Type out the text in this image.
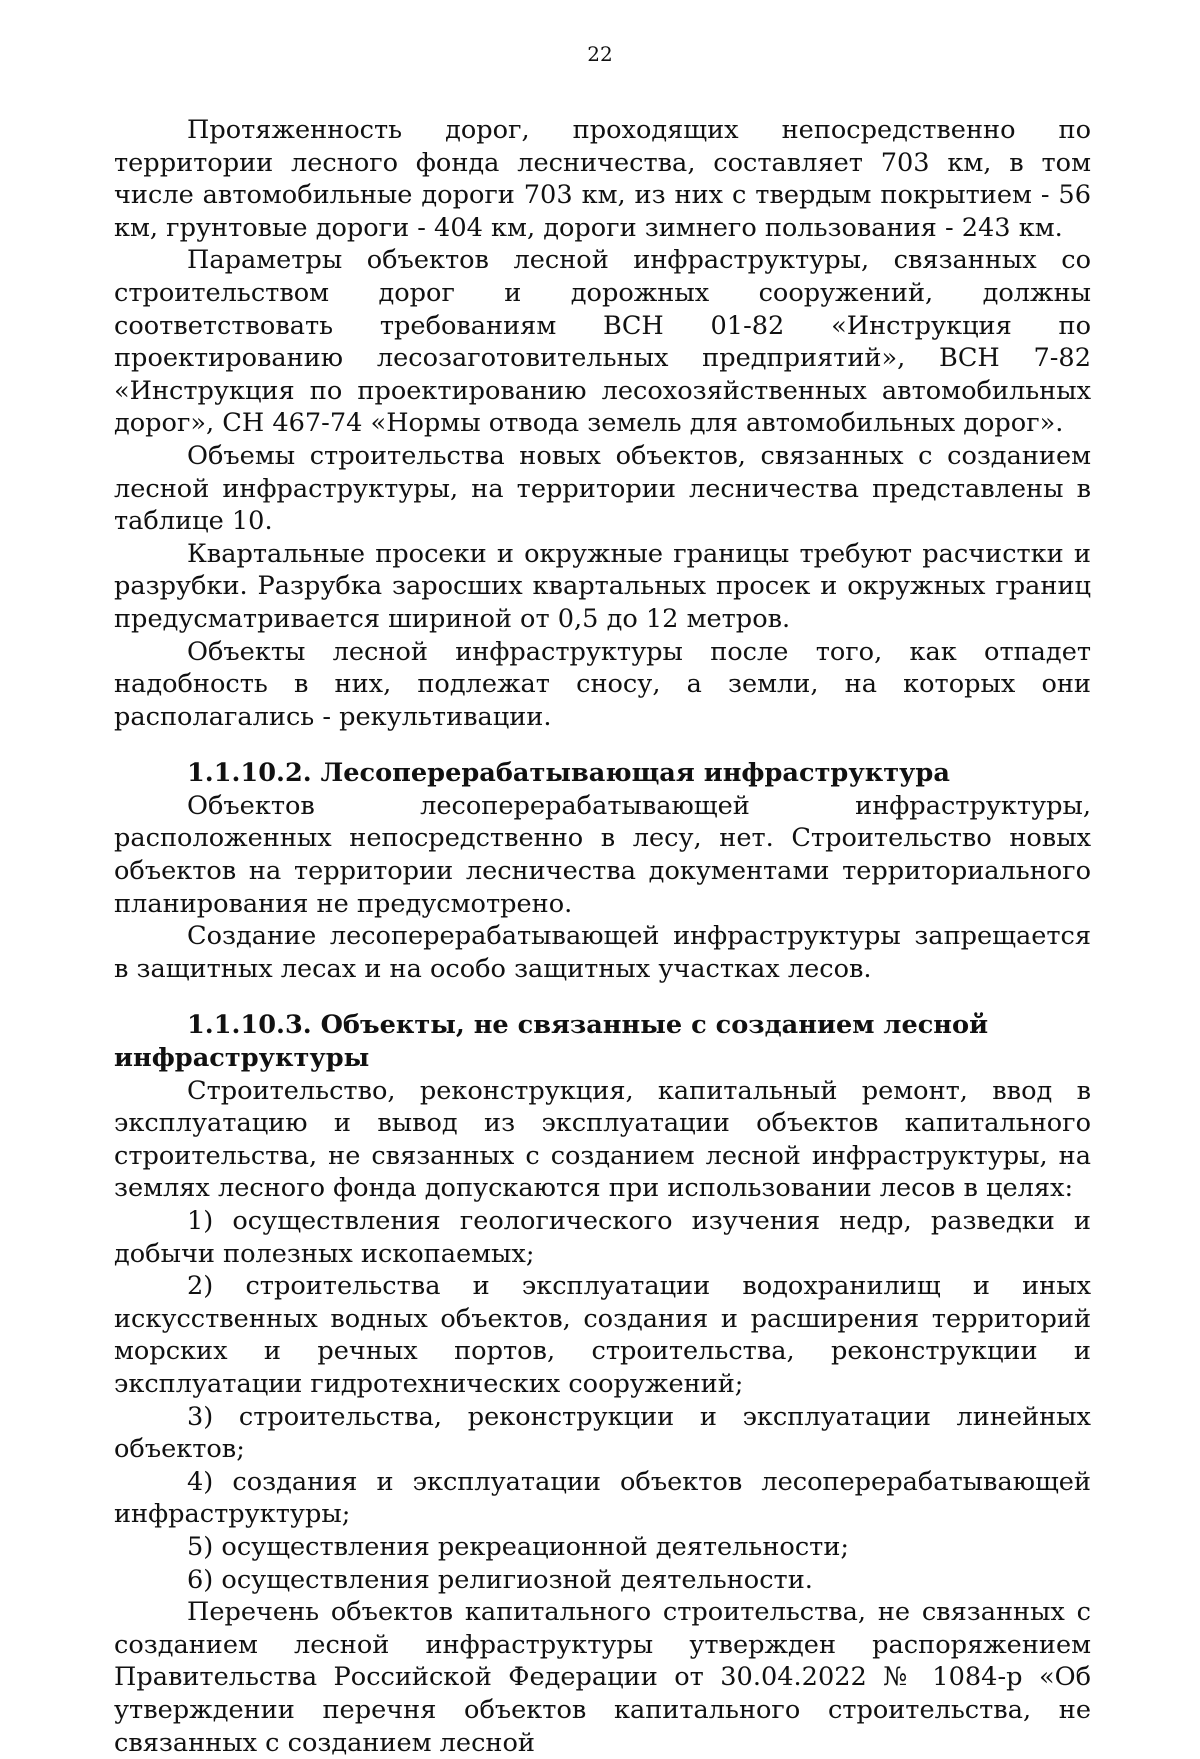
22

Протяженность дорог, проходящих непосредственно по территории лесного фонда лесничества, составляет 703 км, в том числе автомобильные дороги 703 км, из них с твердым покрытием - 56 км, грунтовые дороги - 404 км, дороги зимнего пользования - 243 км.

Параметры объектов лесной инфраструктуры, связанных со строительством дорог и дорожных сооружений, должны соответствовать требованиям ВСН 01-82 «Инструкция по проектированию лесозаготовительных предприятий», ВСН 7-82 «Инструкция по проектированию лесохозяйственных автомобильных дорог», СН 467-74 «Нормы отвода земель для автомобильных дорог».

Объемы строительства новых объектов, связанных с созданием лесной инфраструктуры, на территории лесничества представлены в таблице 10.

Квартальные просеки и окружные границы требуют расчистки и разрубки. Разрубка заросших квартальных просек и окружных границ предусматривается шириной от 0,5 до 12 метров.

Объекты лесной инфраструктуры после того, как отпадет надобность в них, подлежат сносу, а земли, на которых они располагались - рекультивации.

1.1.10.2. Лесоперерабатывающая инфраструктура

Объектов лесоперерабатывающей инфраструктуры, расположенных непосредственно в лесу, нет. Строительство новых объектов на территории лесничества документами территориального планирования не предусмотрено.

Создание лесоперерабатывающей инфраструктуры запрещается в защитных лесах и на особо защитных участках лесов.

1.1.10.3. Объекты, не связанные с созданием лесной инфраструктуры

Строительство, реконструкция, капитальный ремонт, ввод в эксплуатацию и вывод из эксплуатации объектов капитального строительства, не связанных с созданием лесной инфраструктуры, на землях лесного фонда допускаются при использовании лесов в целях:

1) осуществления геологического изучения недр, разведки и добычи полезных ископаемых;

2) строительства и эксплуатации водохранилищ и иных искусственных водных объектов, создания и расширения территорий морских и речных портов, строительства, реконструкции и эксплуатации гидротехнических сооружений;

3) строительства, реконструкции и эксплуатации линейных объектов;

4) создания и эксплуатации объектов лесоперерабатывающей инфраструктуры;

5) осуществления рекреационной деятельности;

6) осуществления религиозной деятельности.

Перечень объектов капитального строительства, не связанных с созданием лесной инфраструктуры утвержден распоряжением Правительства Российской Федерации от 30.04.2022 № 1084-р «Об утверждении перечня объектов капитального строительства, не связанных с созданием лесной
